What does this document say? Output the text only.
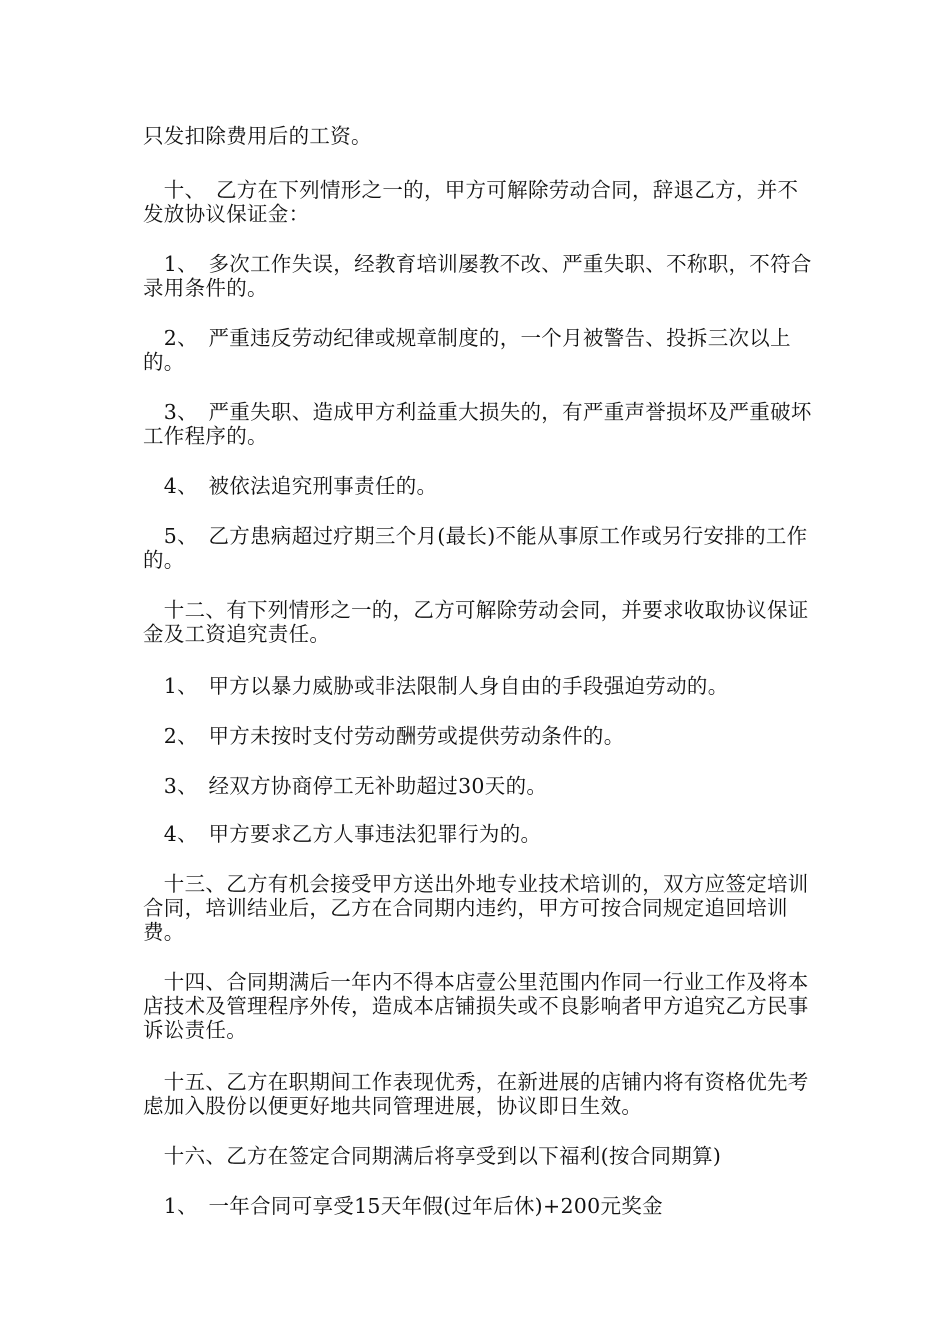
只发扣除费用后的工资。

　十、　乙方在下列情形之一的，甲方可解除劳动合同，辞退乙方，并不发放协议保证金：

　1、　多次工作失误，经教育培训屡教不改、严重失职、不称职，不符合录用条件的。

　2、　严重违反劳动纪律或规章制度的，一个月被警告、投拆三次以上的。

　3、　严重失职、造成甲方利益重大损失的，有严重声誉损坏及严重破坏工作程序的。

　4、　被依法追究刑事责任的。

　5、　乙方患病超过疗期三个月(最长)不能从事原工作或另行安排的工作的。

　十二、有下列情形之一的，乙方可解除劳动会同，并要求收取协议保证金及工资追究责任。

　1、　甲方以暴力威胁或非法限制人身自由的手段强迫劳动的。

　2、　甲方未按时支付劳动酬劳或提供劳动条件的。

　3、　经双方协商停工无补助超过30天的。

　4、　甲方要求乙方人事违法犯罪行为的。

　十三、乙方有机会接受甲方送出外地专业技术培训的，双方应签定培训合同，培训结业后，乙方在合同期内违约，甲方可按合同规定追回培训费。

　十四、合同期满后一年内不得本店壹公里范围内作同一行业工作及将本店技术及管理程序外传，造成本店铺损失或不良影响者甲方追究乙方民事诉讼责任。

　十五、乙方在职期间工作表现优秀，在新进展的店铺内将有资格优先考虑加入股份以便更好地共同管理进展，协议即日生效。

　十六、乙方在签定合同期满后将享受到以下福利(按合同期算)

　1、　一年合同可享受15天年假(过年后休)+200元奖金
